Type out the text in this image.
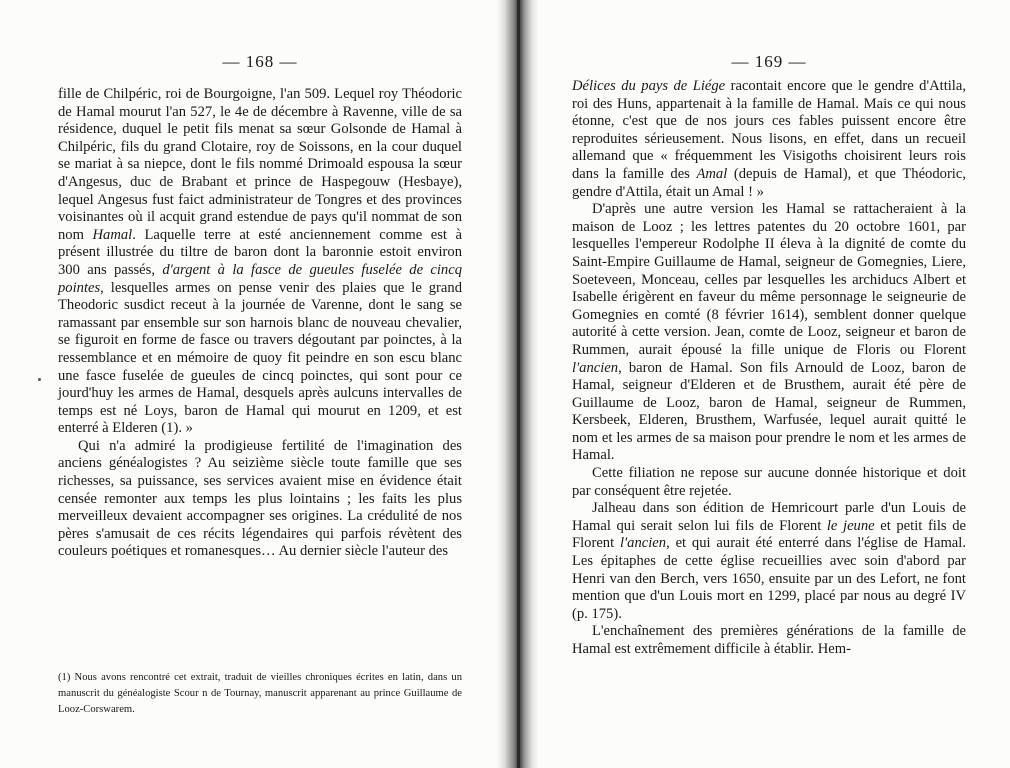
— 168 —

fille de Chilpéric, roi de Bourgoigne, l'an 509. Lequel roy Théodoric de Hamal mourut l'an 527, le 4e de décembre à Ravenne, ville de sa résidence, duquel le petit fils menat sa sœur Golsonde de Hamal à Chilpéric, fils du grand Clotaire, roy de Soissons, en la cour duquel se mariat à sa niepce, dont le fils nommé Drimoald espousa la sœur d'Angesus, duc de Brabant et prince de Haspegouw (Hesbaye), lequel Angesus fust faict administrateur de Tongres et des provinces voisinantes où il acquit grand estendue de pays qu'il nommat de son nom Hamal. Laquelle terre at esté anciennement comme est à présent illustrée du tiltre de baron dont la baronnie estoit environ 300 ans passés, d'argent à la fasce de gueules fuselée de cincq pointes, lesquelles armes on pense venir des plaies que le grand Theodoric susdict receut à la journée de Varenne, dont le sang se ramassant par ensemble sur son harnois blanc de nouveau chevalier, se figuroit en forme de fasce ou travers dégoutant par poinctes, à la ressemblance et en mémoire de quoy fit peindre en son escu blanc une fasce fuselée de gueules de cincq poinctes, qui sont pour ce jourd'huy les armes de Hamal, desquels après aulcuns intervalles de temps est né Loys, baron de Hamal qui mourut en 1209, et est enterré à Elderen (1). »

Qui n'a admiré la prodigieuse fertilité de l'imagination des anciens généalogistes ? Au seizième siècle toute famille que ses richesses, sa puissance, ses services avaient mise en évidence était censée remonter aux temps les plus lointains ; les faits les plus merveilleux devaient accompagner ses origines. La crédulité de nos pères s'amusait de ces récits légendaires qui parfois révètent des couleurs poétiques et romanesques… Au dernier siècle l'auteur des

(1) Nous avons rencontré cet extrait, traduit de vieilles chroniques écrites en latin, dans un manuscrit du généalogiste Scour n de Tournay, manuscrit apparenant au prince Guillaume de Looz-Corswarem.
— 169 —

Délices du pays de Liége racontait encore que le gendre d'Attila, roi des Huns, appartenait à la famille de Hamal. Mais ce qui nous étonne, c'est que de nos jours ces fables puissent encore être reproduites sérieusement. Nous lisons, en effet, dans un recueil allemand que « fréquemment les Visigoths choisirent leurs rois dans la famille des Amal (depuis de Hamal), et que Théodoric, gendre d'Attila, était un Amal ! »

D'après une autre version les Hamal se rattacheraient à la maison de Looz ; les lettres patentes du 20 octobre 1601, par lesquelles l'empereur Rodolphe II éleva à la dignité de comte du Saint-Empire Guillaume de Hamal, seigneur de Gomegnies, Liere, Soeteveen, Monceau, celles par lesquelles les archiducs Albert et Isabelle érigèrent en faveur du même personnage le seigneurie de Gomegnies en comté (8 février 1614), semblent donner quelque autorité à cette version. Jean, comte de Looz, seigneur et baron de Rummen, aurait épousé la fille unique de Floris ou Florent l'ancien, baron de Hamal. Son fils Arnould de Looz, baron de Hamal, seigneur d'Elderen et de Brusthem, aurait été père de Guillaume de Looz, baron de Hamal, seigneur de Rummen, Kersbeek, Elderen, Brusthem, Warfusée, lequel aurait quitté le nom et les armes de sa maison pour prendre le nom et les armes de Hamal.

Cette filiation ne repose sur aucune donnée historique et doit par conséquent être rejetée.

Jalheau dans son édition de Hemricourt parle d'un Louis de Hamal qui serait selon lui fils de Florent le jeune et petit fils de Florent l'ancien, et qui aurait été enterré dans l'église de Hamal. Les épitaphes de cette église recueillies avec soin d'abord par Henri van den Berch, vers 1650, ensuite par un des Lefort, ne font mention que d'un Louis mort en 1299, placé par nous au degré IV (p. 175).

L'enchaînement des premières générations de la famille de Hamal est extrêmement difficile à établir. Hem-
